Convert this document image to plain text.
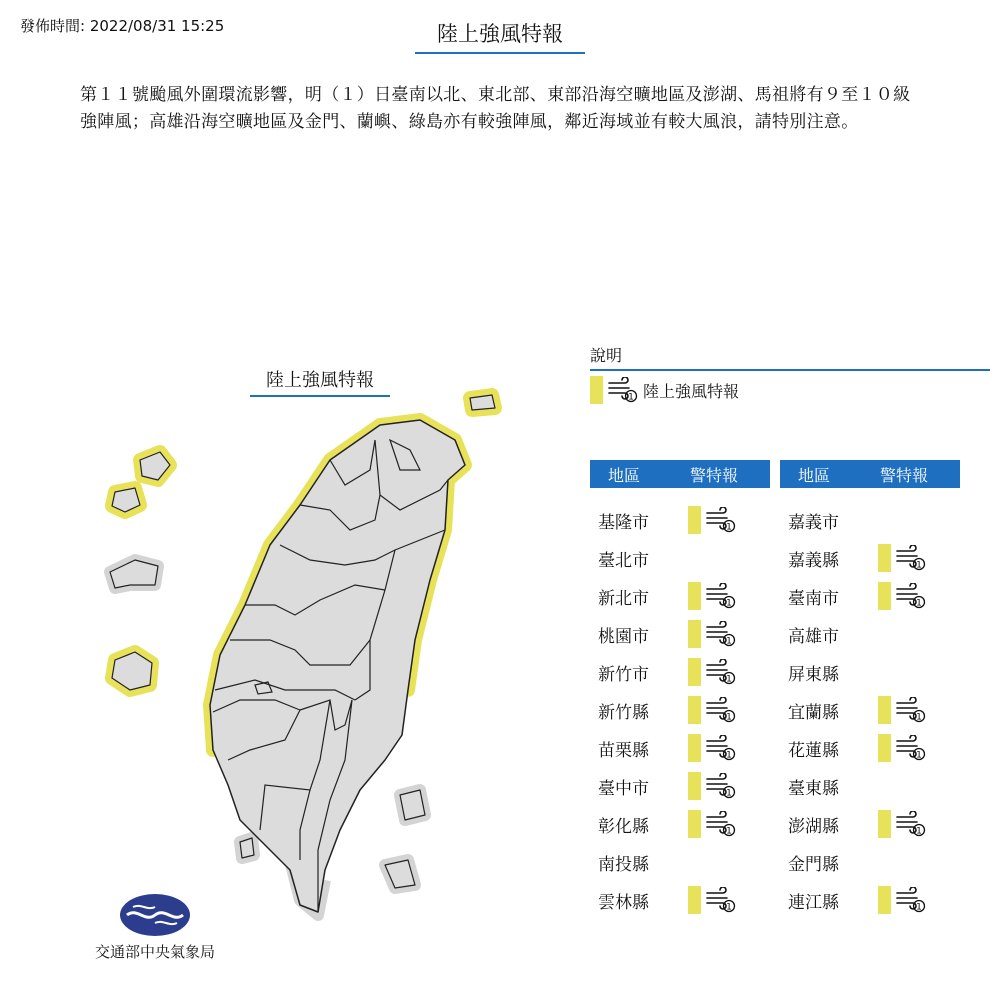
發佈時間: 2022/08/31 15:25	陸上強風特報
第１１號颱風外圍環流影響，明（１）日臺南以北、東北部、東部沿海空曠地區及澎湖、馬祖將有９至１０級強陣風；高雄沿海空曠地區及金門、蘭嶼、綠島亦有較強陣風，鄰近海域並有較大風浪，請特別注意。
陸上強風特報
說明
1 陸上強風特報
地區	警特報
基隆市	1
臺北市
新北市	1
桃園市	1
新竹市	1
新竹縣	1
苗栗縣	1
臺中市	1
彰化縣	1
南投縣
雲林縣	1
地區	警特報
嘉義市
嘉義縣	1
臺南市	1
高雄市
屏東縣
宜蘭縣	1
花蓮縣	1
臺東縣
澎湖縣	1
金門縣
連江縣	1
交通部中央氣象局
